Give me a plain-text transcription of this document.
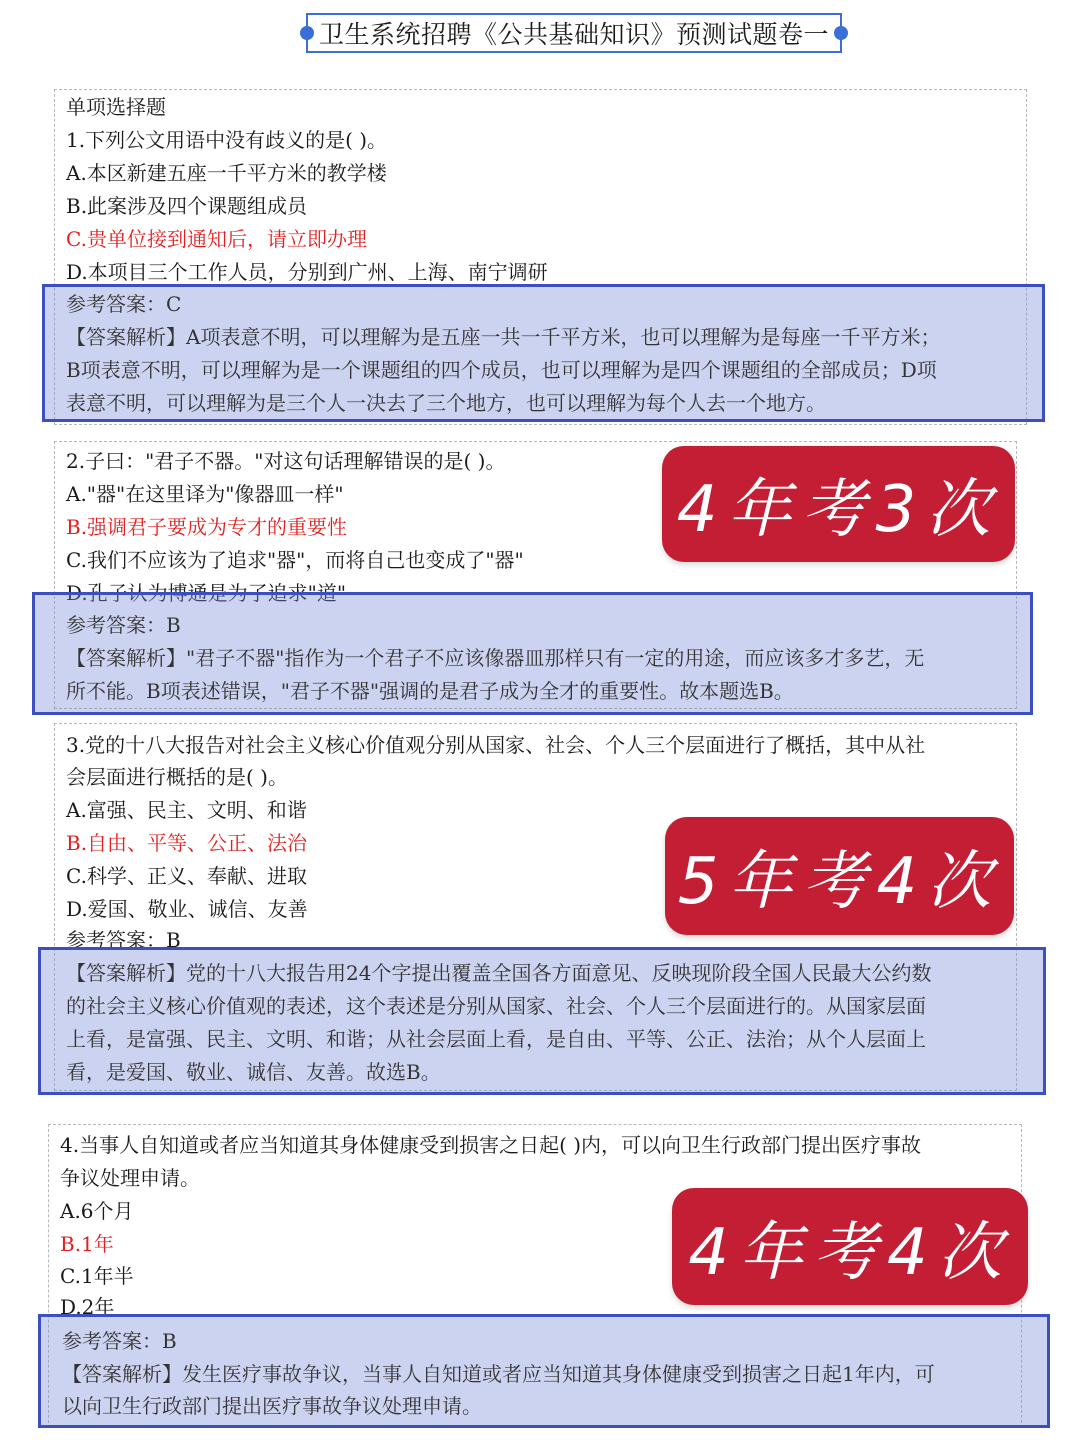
卫生系统招聘《公共基础知识》预测试题卷一
单项选择题
1.下列公文用语中没有歧义的是( )。
A.本区新建五座一千平方米的教学楼
B.此案涉及四个课题组成员
C.贵单位接到通知后，请立即办理
D.本项目三个工作人员，分别到广州、上海、南宁调研
参考答案：C
【答案解析】A项表意不明，可以理解为是五座一共一千平方米，也可以理解为是每座一千平方米；
B项表意不明，可以理解为是一个课题组的四个成员，也可以理解为是四个课题组的全部成员；D项
表意不明，可以理解为是三个人一决去了三个地方，也可以理解为每个人去一个地方。
2.子曰："君子不器。"对这句话理解错误的是( )。
A."器"在这里译为"像器皿一样"
B.强调君子要成为专才的重要性
C.我们不应该为了追求"器"，而将自己也变成了"器"
D.孔子认为博通是为了追求"道"
4年考3次
参考答案：B
【答案解析】"君子不器"指作为一个君子不应该像器皿那样只有一定的用途，而应该多才多艺，无
所不能。B项表述错误，"君子不器"强调的是君子成为全才的重要性。故本题选B。
3.党的十八大报告对社会主义核心价值观分别从国家、社会、个人三个层面进行了概括，其中从社
会层面进行概括的是( )。
A.富强、民主、文明、和谐
B.自由、平等、公正、法治
C.科学、正义、奉献、进取
D.爱国、敬业、诚信、友善
参考答案：B
5年考4次
【答案解析】党的十八大报告用24个字提出覆盖全国各方面意见、反映现阶段全国人民最大公约数
的社会主义核心价值观的表述，这个表述是分别从国家、社会、个人三个层面进行的。从国家层面
上看，是富强、民主、文明、和谐；从社会层面上看，是自由、平等、公正、法治；从个人层面上
看，是爱国、敬业、诚信、友善。故选B。
4.当事人自知道或者应当知道其身体健康受到损害之日起( )内，可以向卫生行政部门提出医疗事故
争议处理申请。
A.6个月
B.1年
C.1年半
D.2年
4年考4次
参考答案：B
【答案解析】发生医疗事故争议，当事人自知道或者应当知道其身体健康受到损害之日起1年内，可
以向卫生行政部门提出医疗事故争议处理申请。
